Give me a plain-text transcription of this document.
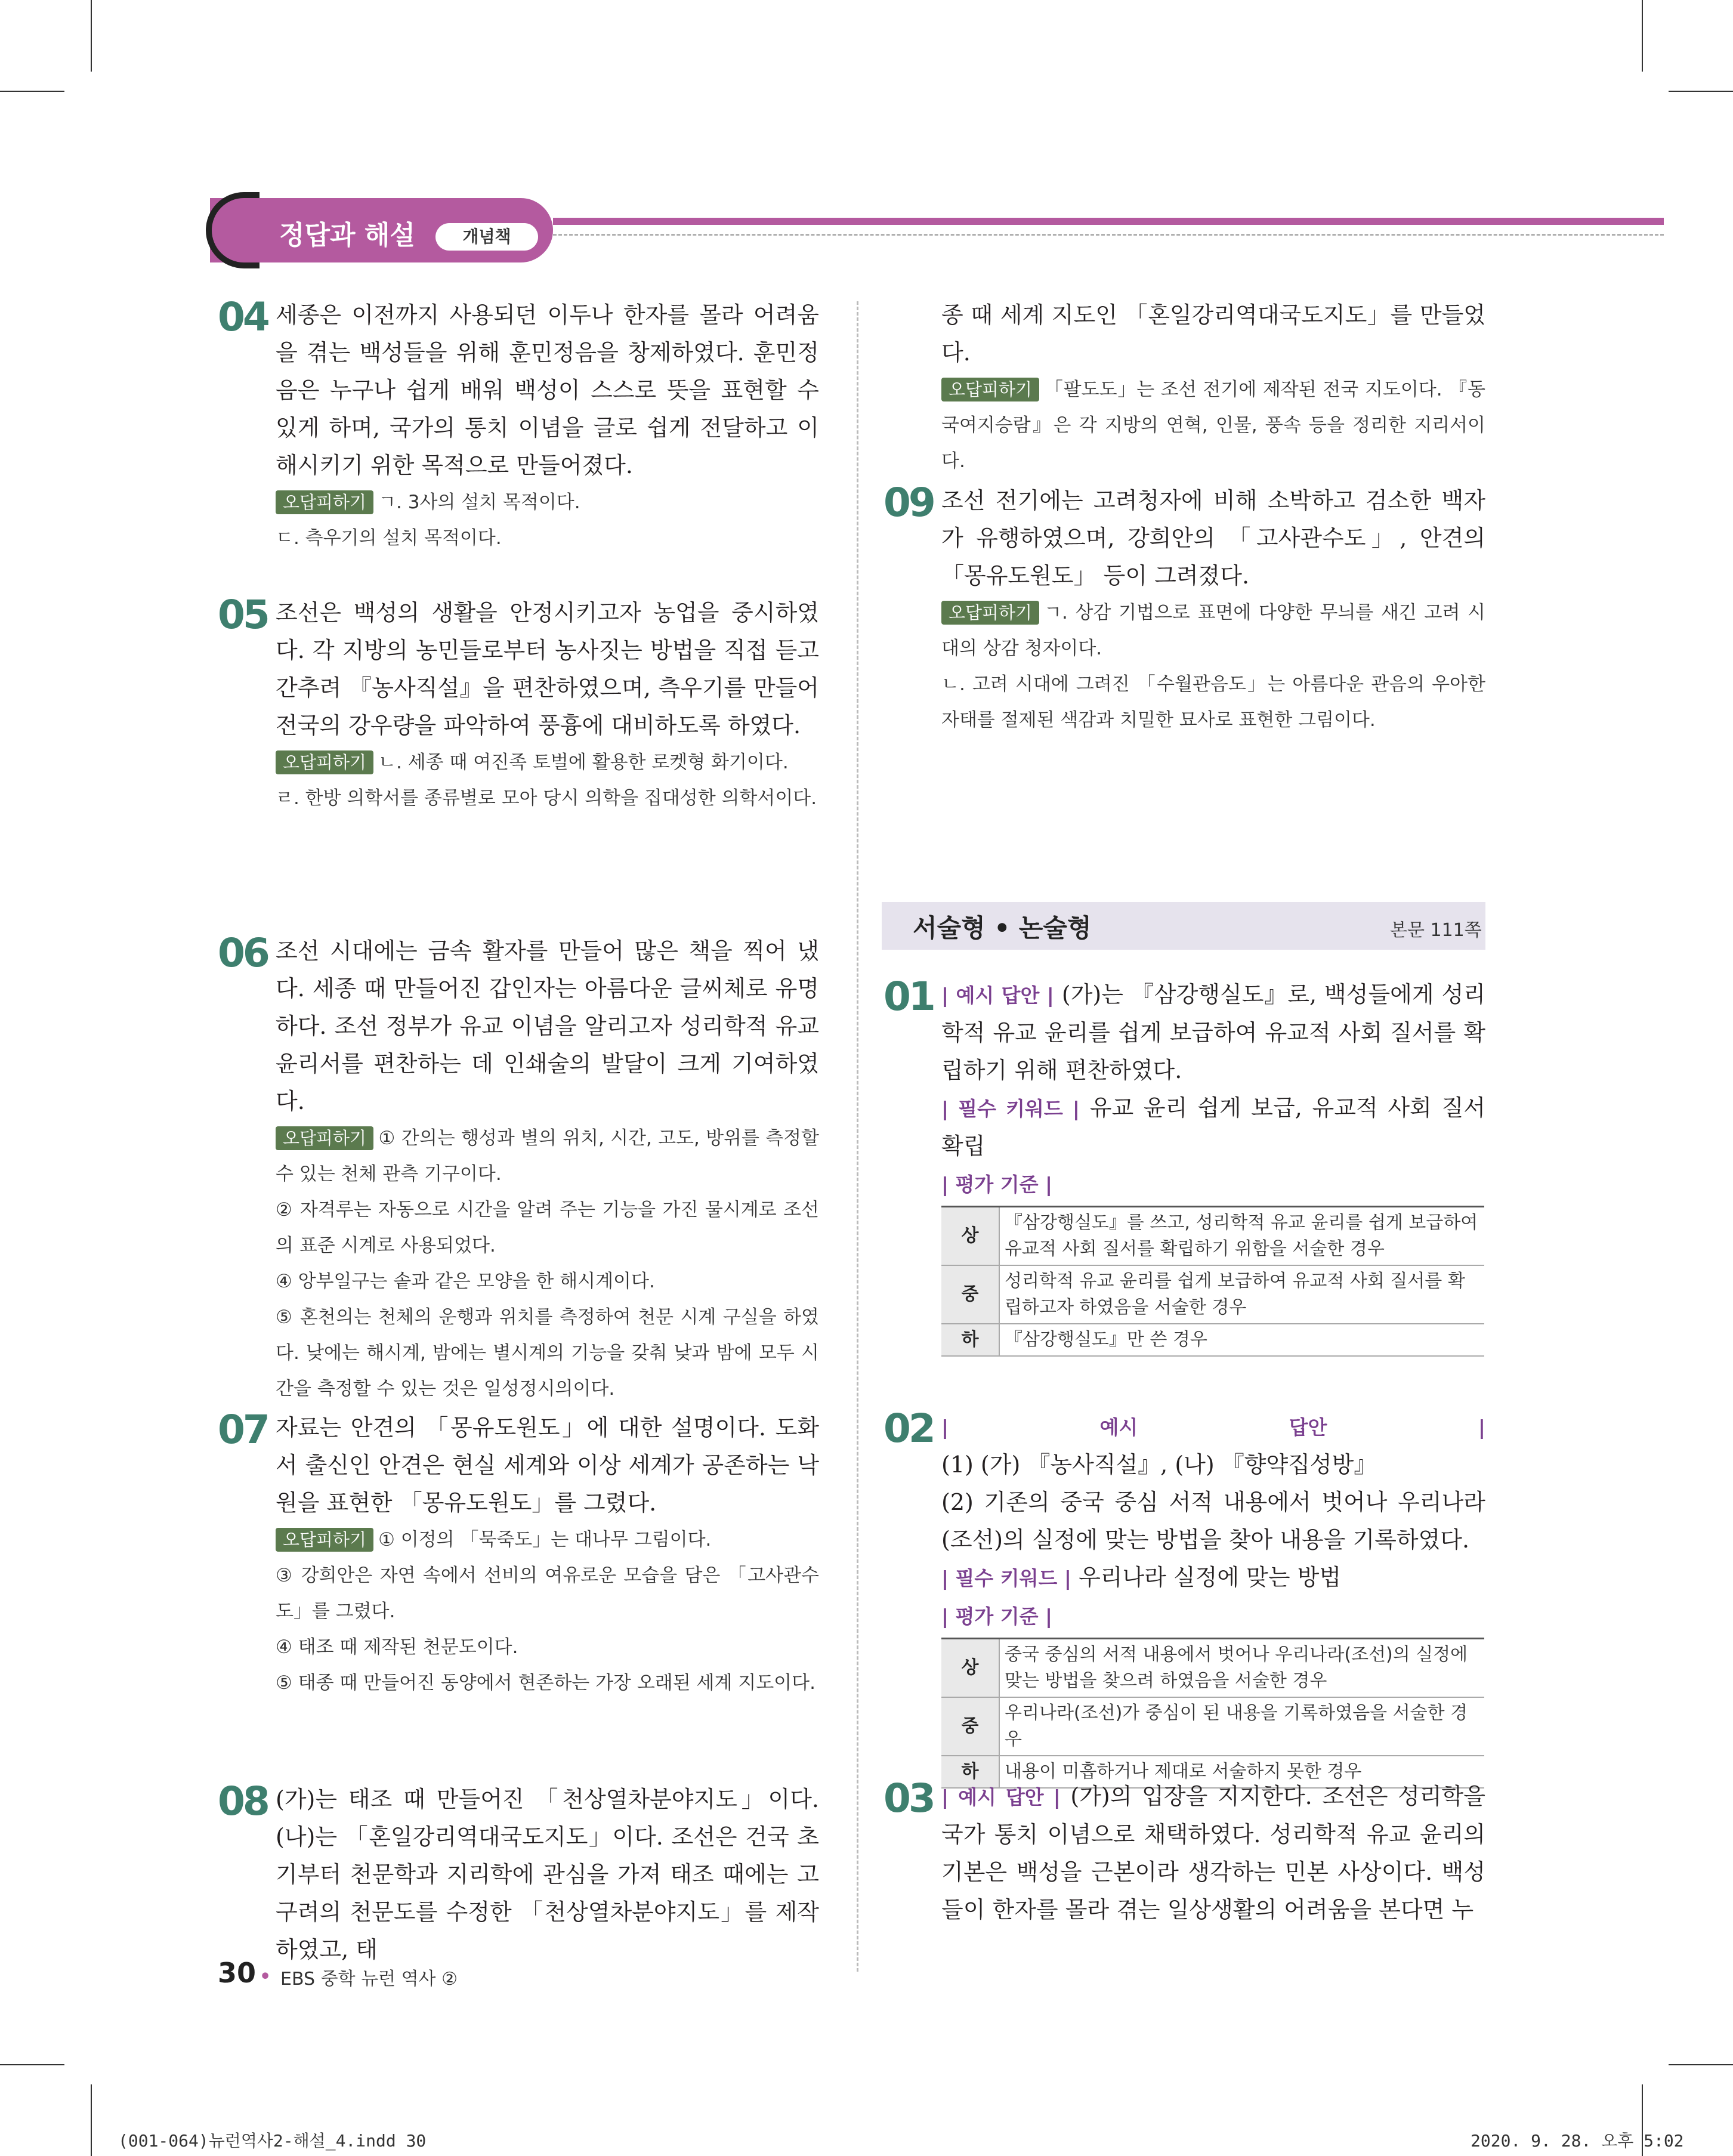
정답과 해설	개념책
04 세종은 이전까지 사용되던 이두나 한자를 몰라 어려움을 겪는 백성들을 위해 훈민정음을 창제하였다. 훈민정음은 누구나 쉽게 배워 백성이 스스로 뜻을 표현할 수 있게 하며, 국가의 통치 이념을 글로 쉽게 전달하고 이해시키기 위한 목적으로 만들어졌다.
오답피하기 ㄱ. 3사의 설치 목적이다.
ㄷ. 측우기의 설치 목적이다.
05 조선은 백성의 생활을 안정시키고자 농업을 중시하였다. 각 지방의 농민들로부터 농사짓는 방법을 직접 듣고 간추려 『농사직설』을 편찬하였으며, 측우기를 만들어 전국의 강우량을 파악하여 풍흉에 대비하도록 하였다.
오답피하기 ㄴ. 세종 때 여진족 토벌에 활용한 로켓형 화기이다.
ㄹ. 한방 의학서를 종류별로 모아 당시 의학을 집대성한 의학서이다.
06 조선 시대에는 금속 활자를 만들어 많은 책을 찍어 냈다. 세종 때 만들어진 갑인자는 아름다운 글씨체로 유명하다. 조선 정부가 유교 이념을 알리고자 성리학적 유교 윤리서를 편찬하는 데 인쇄술의 발달이 크게 기여하였다.
오답피하기 ① 간의는 행성과 별의 위치, 시간, 고도, 방위를 측정할 수 있는 천체 관측 기구이다.
② 자격루는 자동으로 시간을 알려 주는 기능을 가진 물시계로 조선의 표준 시계로 사용되었다.
④ 앙부일구는 솥과 같은 모양을 한 해시계이다.
⑤ 혼천의는 천체의 운행과 위치를 측정하여 천문 시계 구실을 하였다. 낮에는 해시계, 밤에는 별시계의 기능을 갖춰 낮과 밤에 모두 시간을 측정할 수 있는 것은 일성정시의이다.
07 자료는 안견의 「몽유도원도」에 대한 설명이다. 도화서 출신인 안견은 현실 세계와 이상 세계가 공존하는 낙원을 표현한 「몽유도원도」를 그렸다.
오답피하기 ① 이정의 「묵죽도」는 대나무 그림이다.
③ 강희안은 자연 속에서 선비의 여유로운 모습을 담은 「고사관수도」를 그렸다.
④ 태조 때 제작된 천문도이다.
⑤ 태종 때 만들어진 동양에서 현존하는 가장 오래된 세계 지도이다.
08 (가)는 태조 때 만들어진 「천상열차분야지도」이다. (나)는 「혼일강리역대국도지도」이다. 조선은 건국 초기부터 천문학과 지리학에 관심을 가져 태조 때에는 고구려의 천문도를 수정한 「천상열차분야지도」를 제작하였고, 태
종 때 세계 지도인 「혼일강리역대국도지도」를 만들었다.
오답피하기 「팔도도」는 조선 전기에 제작된 전국 지도이다. 『동국여지승람』은 각 지방의 연혁, 인물, 풍속 등을 정리한 지리서이다.
09 조선 전기에는 고려청자에 비해 소박하고 검소한 백자가 유행하였으며, 강희안의 「고사관수도」, 안견의 「몽유도원도」 등이 그려졌다.
오답피하기 ㄱ. 상감 기법으로 표면에 다양한 무늬를 새긴 고려 시대의 상감 청자이다.
ㄴ. 고려 시대에 그려진 「수월관음도」는 아름다운 관음의 우아한 자태를 절제된 색감과 치밀한 묘사로 표현한 그림이다.
서술형 • 논술형	본문 111쪽
01 | 예시 답안 | (가)는 『삼강행실도』로, 백성들에게 성리학적 유교 윤리를 쉽게 보급하여 유교적 사회 질서를 확립하기 위해 편찬하였다.
| 필수 키워드 | 유교 윤리 쉽게 보급, 유교적 사회 질서 확립
| 평가 기준 |
상	『삼강행실도』를 쓰고, 성리학적 유교 윤리를 쉽게 보급하여 유교적 사회 질서를 확립하기 위함을 서술한 경우
중	성리학적 유교 윤리를 쉽게 보급하여 유교적 사회 질서를 확립하고자 하였음을 서술한 경우
하	『삼강행실도』만 쓴 경우
02 | 예시 답안 | (1) (가) 『농사직설』, (나) 『향약집성방』
(2) 기존의 중국 중심 서적 내용에서 벗어나 우리나라(조선)의 실정에 맞는 방법을 찾아 내용을 기록하였다.
| 필수 키워드 | 우리나라 실정에 맞는 방법
| 평가 기준 |
상	중국 중심의 서적 내용에서 벗어나 우리나라(조선)의 실정에 맞는 방법을 찾으려 하였음을 서술한 경우
중	우리나라(조선)가 중심이 된 내용을 기록하였음을 서술한 경우
하	내용이 미흡하거나 제대로 서술하지 못한 경우
03 | 예시 답안 | (가)의 입장을 지지한다. 조선은 성리학을 국가 통치 이념으로 채택하였다. 성리학적 유교 윤리의 기본은 백성을 근본이라 생각하는 민본 사상이다. 백성들이 한자를 몰라 겪는 일상생활의 어려움을 본다면 누
30 • EBS 중학 뉴런 역사 ②
(001-064)뉴런역사2-해설_4.indd 30	2020. 9. 28. 오후 5:02
